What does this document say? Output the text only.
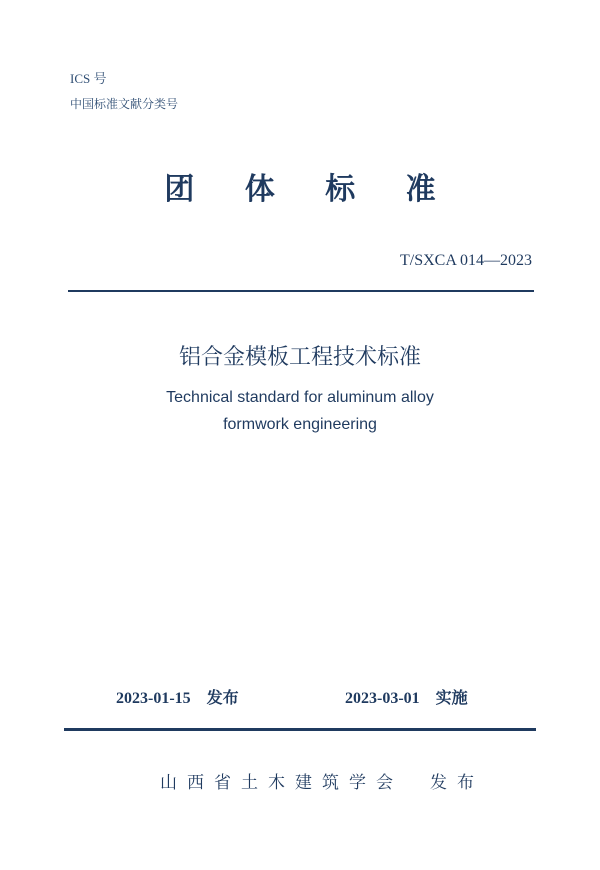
ICS 号
中国标准文献分类号
团 体 标 准
T/SXCA 014—2023
铝合金模板工程技术标准
Technical standard for aluminum alloy
formwork engineering
2023-01-15 发布	2023-03-01 实施
山西省土木建筑学会 发布
